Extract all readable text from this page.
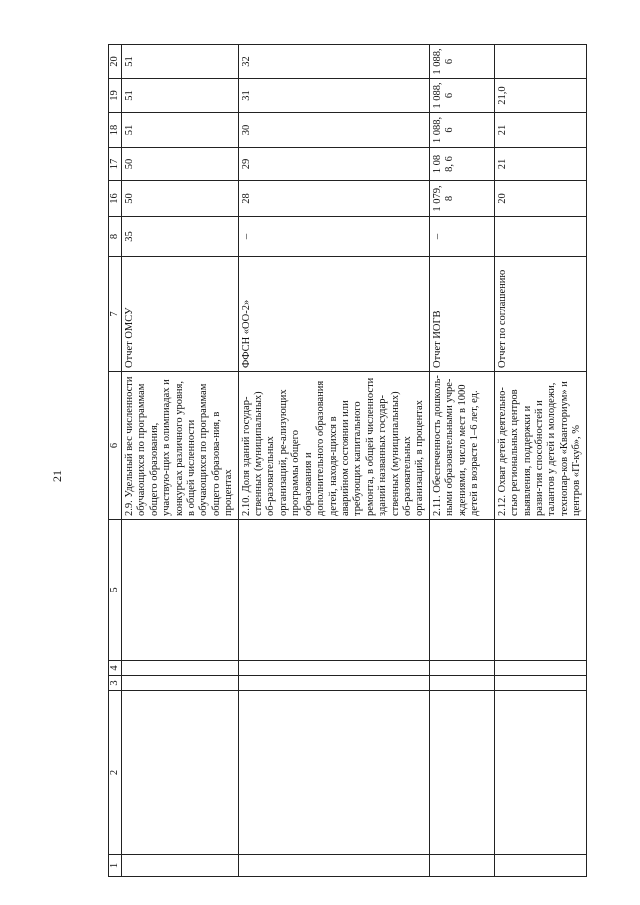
21
1	2	3	4	5	6	7	8	16	17	18	19	20
					2.9. Удельный вес численности обучающихся по программам общего образования, участвую-щих в олимпиадах и конкурсах различного уровня, в общей численности обучающихся по программам общего образова-ния, в процентах	Отчет ОМСУ	35	50	50	51	51	51
					2.10. Доля зданий государ-ственных (муниципальных) об-разовательных организаций, ре-ализующих программы общего образования и дополнительного образования детей, находя-щихся в аварийном состоянии или требующих капитального ремонта, в общей численности зданий названных государ-ственных (муниципальных) об-разовательных организаций, в процентах	ФФСН «ОО-2»	–	28	29	30	31	32
					2.11. Обеспеченность дошколь-ными образовательными учре-ждениями, число мест в 1000 детей в возрасте 1–6 лет, ед.	Отчет ИОГВ	–	1 079, 8	1 088, 6	1 088, 6	1 088, 6	1 088, 6
					2.12. Охват детей деятельно-стью региональных центров выявления, поддержки и разви-тия способностей и талантов у детей и молодежи, технопар-ков «Кванториум» и центров «IT-куб», %	Отчет по соглашению		20	21	21	21,0	
